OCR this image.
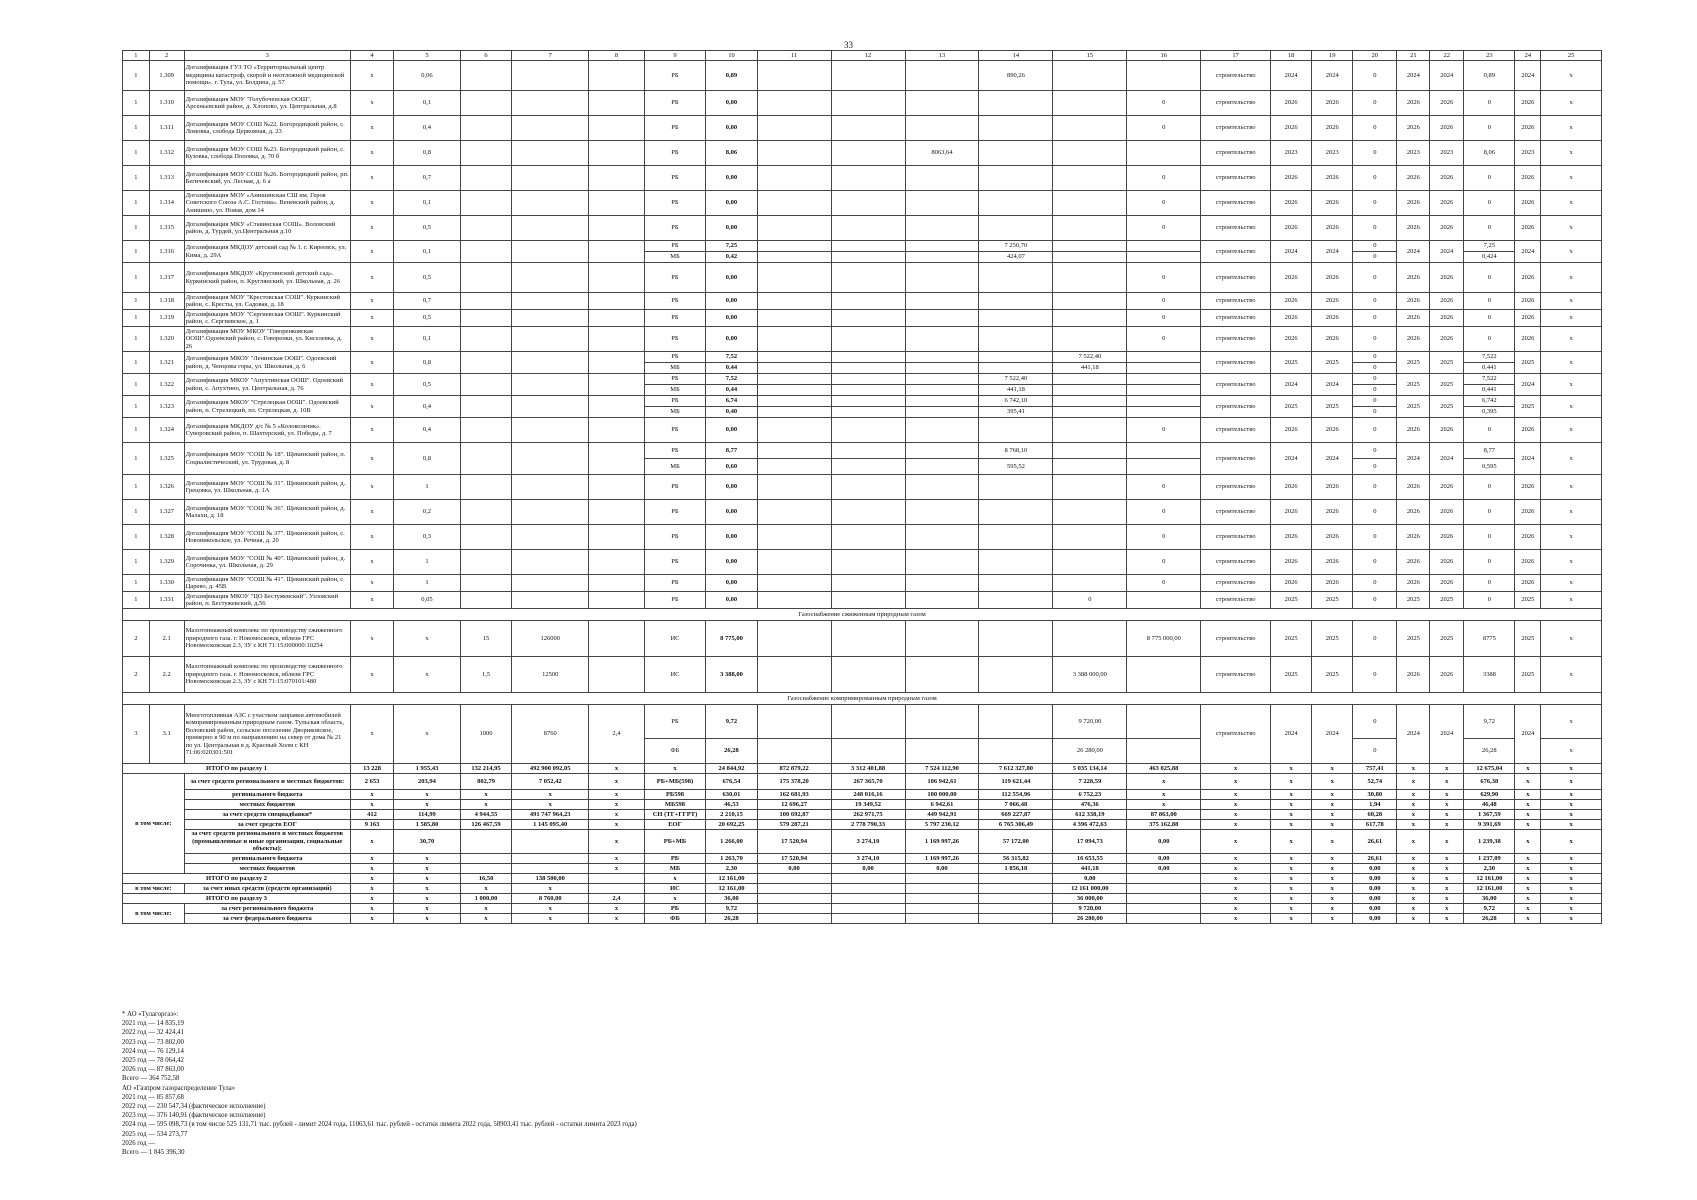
33
1	2	3	4	5	6	7	8	9	10	11	12	13	14	15	16	17	18	19	20	21	22	23	24	25
1	1.309	Догазификация ГУЗ ТО «Территориальный центр медицины катастроф, скорой и неотложной медицинской помощи». г. Тула, ул. Болдина, д. 57	x	0,06				РБ	0,89				890,26			строительство	2024	2024	0	2024	2024	0,89	2024	x
1	1.310	Догазификация МОУ "Голубоченская ООШ". Арсеньевский район, д. Хлопово, ул. Центральная, д.8	x	0,1				РБ	0,00						0	строительство	2026	2026	0	2026	2026	0	2026	x
1	1.311	Догазификация МОУ СОШ №22. Богородицкий район, с. Ломовка, слобода Церковная, д. 23	x	0,4				РБ	0,00						0	строительство	2026	2026	0	2026	2026	0	2026	x
1	1.312	Догазификация МОУ СОШ №23. Богородицкий район, с. Кузовка, слобода Поповка, д. 70 б	x	0,8				РБ	8,06			8063,64				строительство	2023	2023	0	2023	2023	8,06	2023	x
1	1.313	Догазификация МОУ СОШ №26. Богородицкий район, рп. Бегичевский, ул. Лесная, д. 6 а	x	0,7				РБ	0,00						0	строительство	2026	2026	0	2026	2026	0	2026	x
1	1.314	Догазификация МОУ «Анишинская СШ им. Героя Советского Союза А.С. Гостева». Веневский район, д. Анишино, ул. Новая, дом 14	x	0,1				РБ	0,00						0	строительство	2026	2026	0	2026	2026	0	2026	x
1	1.315	Догазификация МКУ «Ставинская СОШ». Воловский район, д. Турдей, ул.Центральная д.10	x	0,5				РБ	0,00						0	строительство	2026	2026	0	2026	2026	0	2026	x
1	1.316	Догазификация МКДОУ детский сад № 1. г. Киреевск, ул. Кима, д. 29А	x	0,1				РБ	7,25				7 250,70			строительство	2024	2024	0	2024	2024	7,25	2024	x
								МБ	0,42				424,07						0			0,424		
1	1.317	Догазификация МКДОУ «Круглянский детский сад». Куркинский район, п. Круглянский, ул. Школьная, д. 26	x	0,5				РБ	0,00						0	строительство	2026	2026	0	2026	2026	0	2026	x
1	1.318	Догазификация МОУ "Крестовская СОШ". Куркинский район, с. Кресты, ул. Садовая, д. 18	x	0,7				РБ	0,00						0	строительство	2026	2026	0	2026	2026	0	2026	x
1	1.319	Догазификация МОУ "Сергиевская ООШ". Куркинский район, с. Сергиевское, д. 1	x	0,5				РБ	0,00						0	строительство	2026	2026	0	2026	2026	0	2026	x
1	1.320	Догазификация МОУ МКОУ "Говоренковская ООШ".Одоевский район, с. Говоренки, ул. Киселевка, д. 26	x	0,1				РБ	0,00						0	строительство	2026	2026	0	2026	2026	0	2026	x
1	1.321	Догазификация МКОУ "Ленинская ООШ". Одоевский район, д. Ченцовы горы, ул. Школьная, д. 6	x	0,8				РБ	7,52					7 522,40		строительство	2025	2025	0	2025	2025	7,522	2025	x
								МБ	0,44					441,18					0			0,441		
1	1.322	Догазификация МКОУ "Апухтинская ООШ". Одоевский район, с. Апухтино, ул. Центральная, д. 76	x	0,5				РБ	7,52				7 522,40			строительство	2024	2024	0	2025	2025	7,522	2024	x
								МБ	0,44				441,18						0			0,441		
1	1.323	Догазификация МКОУ "Стрелецкая ООШ". Одоевский район, п. Стрелецкий, пл. Стрелецкая, д. 10В	x	0,4				РБ	6,74				6 742,10			строительство	2025	2025	0	2025	2025	6,742	2025	x
								МБ	0,40				395,41						0			0,395		
1	1.324	Догазификация МКДОУ д/с № 5 «Колокольчик». Суворовский район, п. Шахтерский, ул. Победы, д. 7	x	0,4				РБ	0,00						0	строительство	2026	2026	0	2026	2026	0	2026	x
1	1.325	Догазификация МОУ "СОШ № 18". Щекинский район, п. Социалистический, ул. Трудовая, д. 8	x	0,8				РБ	8,77				8 768,10			строительство	2024	2024	0	2024	2024	8,77	2024	x
								МБ	0,60				595,52						0			0,595		
1	1.326	Догазификация МОУ "СОШ № 31". Щекинский район, д. Грецовка, ул. Школьная, д. 1А	x	1				РБ	0,00						0	строительство	2026	2026	0	2026	2026	0	2026	x
1	1.327	Догазификация МОУ "СОШ № 36". Щекинский район, д. Малахи, д. 18	x	0,2				РБ	0,00						0	строительство	2026	2026	0	2026	2026	0	2026	x
1	1.328	Догазификация МОУ "СОШ № 37". Щекинский район, с. Новоникольское, ул. Речная, д. 20	x	0,3				РБ	0,00						0	строительство	2026	2026	0	2026	2026	0	2026	x
1	1.329	Догазификация МОУ "СОШ № 40". Щекинский район, д. Сорочинка, ул. Школьная, д. 29	x	1				РБ	0,00						0	строительство	2026	2026	0	2026	2026	0	2026	x
1	1.330	Догазификация МОУ "СОШ № 41". Щекинский район, с. Царево, д. 45В	x	1				РБ	0,00						0	строительство	2026	2026	0	2026	2026	0	2026	x
1	1.331	Догазификация МКОУ "ЦО Бестужевский". Узловский район, п. Бестужевский, д.56	x	0,05				РБ	0,00					0		строительство	2025	2025	0	2025	2025	0	2025	x
Газоснабжение сжиженным природным газом																								
2	2.1	Малотоннажный комплекс по производству сжиженного природного газа. г. Новомосковск, вблизи ГРС Новомосковская 2.3, ЗУ с КН 71:15:000000:10254	x	x	15	126000		ИС	8 775,00						8 775 000,00	строительство	2025	2025	0	2025	2025	8775	2025	x
2	2.2	Малотоннажный комплекс по производству сжиженного природного газа. г. Новомосковск, вблизи ГРС Новомосковская 2.3, ЗУ с КН 71:15:070101:480	x	x	1,5	12500		ИС	3 388,00					3 388 000,00		строительство	2025	2025	0	2026	2026	3388	2025	x
Газоснабжение компримированным природным газом																								
3	3.1	Многотопливная АЗС с участком заправки автомобилей компримированным природным газом. Тульская область, Воловский район, сельское поселение Двориковское, примерно в 90 м по направлению на север от дома № 21 по ул. Центральная в д. Красный Холм с КН 71:06:020301:501	x	x	1000	8760	2,4	РБ	9,72					9 720,00		строительство	2024	2024	0	2024	2024	9,72	2024	x
								ФБ	26,28					26 280,00					0			26,28		x
ИТОГО по разделу 1			13 228	1 955,43	132 214,95	492 900 092,05	x	x	24 844,92	872 879,22	3 312 401,88	7 524 112,90	7 612 327,80	5 035 134,14	463 025,88	x	x	x	757,41	x	x	12 675,04	x	x
в том числе:		за счет средств регионального и местных бюджетов:	2 653	203,94	802,79	7 052,42	x	РБ+МБ(598)	676,54	175 378,20	267 365,70	106 942,61	119 621,44	7 228,59	x	x	x	x	52,74	x	x	676,38	x	x
		регионального бюджета	x	x	x	x	x	РБ598	630,01	162 681,93	248 016,16	100 000,00	112 554,96	6 752,23	x	x	x	x	30,80	x	x	629,90	x	x
		местных бюджетов	x	x	x	x	x	МБ598	46,53	12 696,27	19 349,52	6 942,61	7 066,48	476,36	x	x	x	x	1,94	x	x	46,48	x	x
		за счет средств спецнадбавки*	412	114,99	4 944,55	491 747 964,23	x	СН (ТГ+ГГРТ)	2 210,15	100 692,87	262 971,75	449 942,91	669 227,87	612 338,19	87 863,00	x	x	x	60,28	x	x	1 367,59	x	x
		за счет средств ЕОГ	9 163	1 585,80	126 467,59	1 145 095,40	x	ЕОГ	20 692,25	579 287,21	2 778 790,33	5 797 230,12	6 765 306,49	4 396 472,63	375 162,88	x	x	x	617,78	x	x	9 391,69	x	x
		за счет средств регионального и местных бюджетов (промышленные и иные организации, социальные объекты):	x	30,70			x	РБ+МБ	1 266,00	17 520,94	3 274,10	1 169 997,26	57 172,00	17 094,73	0,00	x	x	x	26,61	x	x	1 239,38	x	x
		регионального бюджета	x	x			x	РБ	1 263,70	17 520,94	3 274,10	1 169 997,26	56 315,82	16 653,55	0,00	x	x	x	26,61	x	x	1 237,09	x	x
		местных бюджетов	x	x			x	МБ	2,30	0,00	0,00	0,00	1 856,18	441,18	0,00	x	x	x	0,00	x	x	2,30	x	x
ИТОГО по разделу 2			x	x	16,50	138 500,00		x	12 161,00					0,00		x	x	x	0,00	x	x	12 161,00	x	x
в том числе:		за счет иных средств (средств организаций)	x	x	x	x		ИС	12 161,00					12 161 000,00		x	x	x	0,00	x	x	12 161,00	x	x
ИТОГО по разделу 3			x	x	1 000,00	8 760,00	2,4	x	36,00					36 000,00		x	x	x	0,00	x	x	36,00	x	x
в том числе:		за счет регионального бюджета	x	x	x	x	x	РБ	9,72					9 720,00		x	x	x	0,00	x	x	9,72	x	x
		за счет федерального бюджета	x	x	x	x	x	ФБ	26,28					26 280,00		x	x	x	0,00	x	x	26,28	x	x
* АО «Тулагоргаз»:
2021 год — 14 835,19
2022 год — 32 424,41
2023 год — 73 802,00
2024 год — 76 129,14
2025 год — 78 064,42
2026 год — 87 863,00
Всего — 364 752,58
АО «Газпром газораспределение Тула»
2021 год — 85 857,68
2022 год — 230 547,34 (фактическое исполнение)
2023 год — 376 140,91 (фактическое исполнение)
2024 год — 595 098,73 (в том числе 525 131,71 тыс. рублей - лимит 2024 года, 11063,61 тыс. рублей - остатки лимита 2022 года, 58903,41 тыс. рублей - остатки лимита 2023 года)
2025 год — 534 273,77
2026 год —
Всего — 1 845 396,30
